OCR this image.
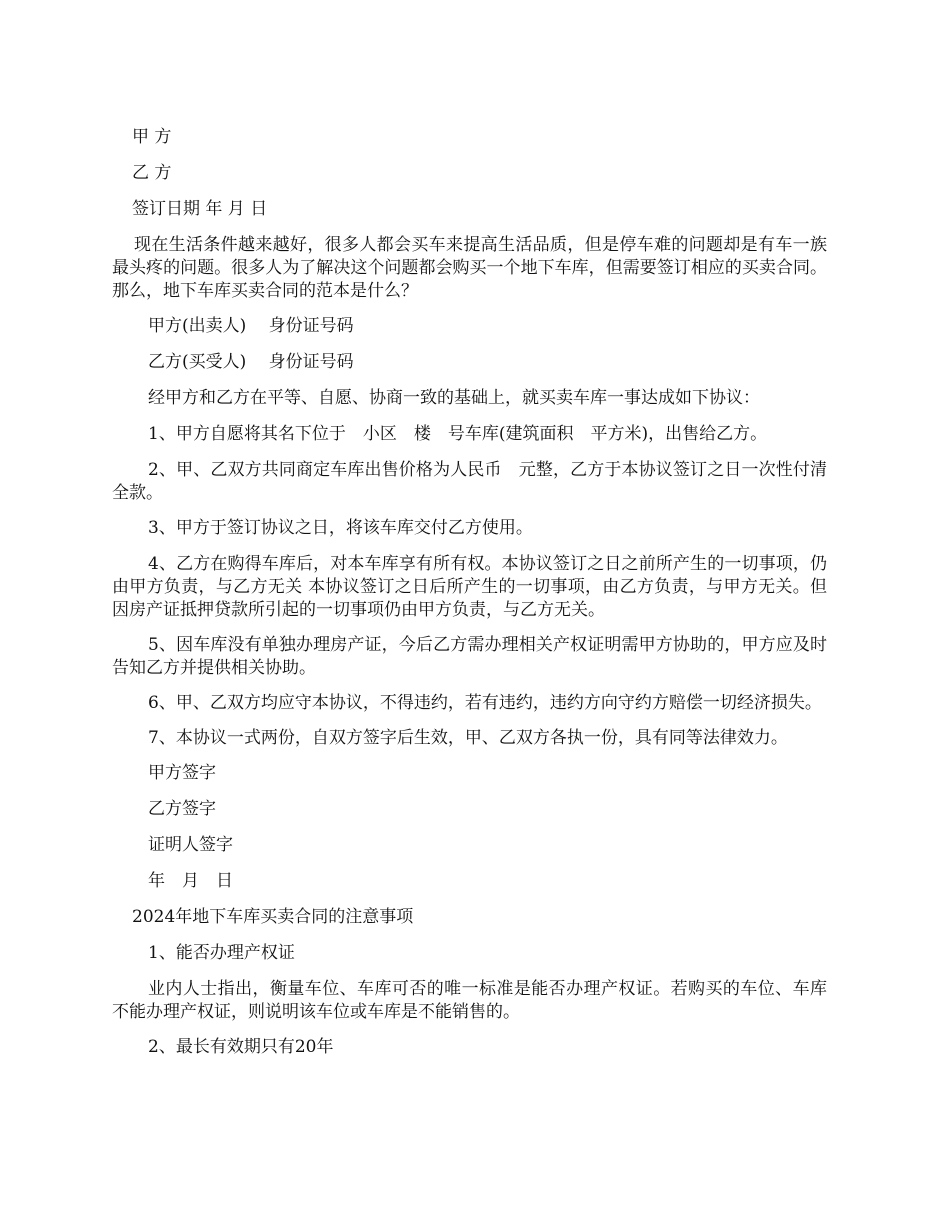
甲 方

乙 方

签订日期 年 月 日

现在生活条件越来越好，很多人都会买车来提高生活品质，但是停车难的问题却是有车一族最头疼的问题。很多人为了解决这个问题都会购买一个地下车库，但需要签订相应的买卖合同。那么，地下车库买卖合同的范本是什么？

甲方(出卖人)　 身份证号码

乙方(买受人)　 身份证号码

经甲方和乙方在平等、自愿、协商一致的基础上，就买卖车库一事达成如下协议：

1、甲方自愿将其名下位于　小区　楼　号车库(建筑面积　平方米)，出售给乙方。

2、甲、乙双方共同商定车库出售价格为人民币　元整，乙方于本协议签订之日一次性付清全款。

3、甲方于签订协议之日，将该车库交付乙方使用。

4、乙方在购得车库后，对本车库享有所有权。本协议签订之日之前所产生的一切事项，仍由甲方负责，与乙方无关 本协议签订之日后所产生的一切事项，由乙方负责，与甲方无关。但因房产证抵押贷款所引起的一切事项仍由甲方负责，与乙方无关。

5、因车库没有单独办理房产证，今后乙方需办理相关产权证明需甲方协助的，甲方应及时告知乙方并提供相关协助。

6、甲、乙双方均应守本协议，不得违约，若有违约，违约方向守约方赔偿一切经济损失。

7、本协议一式两份，自双方签字后生效，甲、乙双方各执一份，具有同等法律效力。

甲方签字

乙方签字

证明人签字

年　月　日

2024年地下车库买卖合同的注意事项

1、能否办理产权证

业内人士指出，衡量车位、车库可否的唯一标准是能否办理产权证。若购买的车位、车库不能办理产权证，则说明该车位或车库是不能销售的。

2、最长有效期只有20年
